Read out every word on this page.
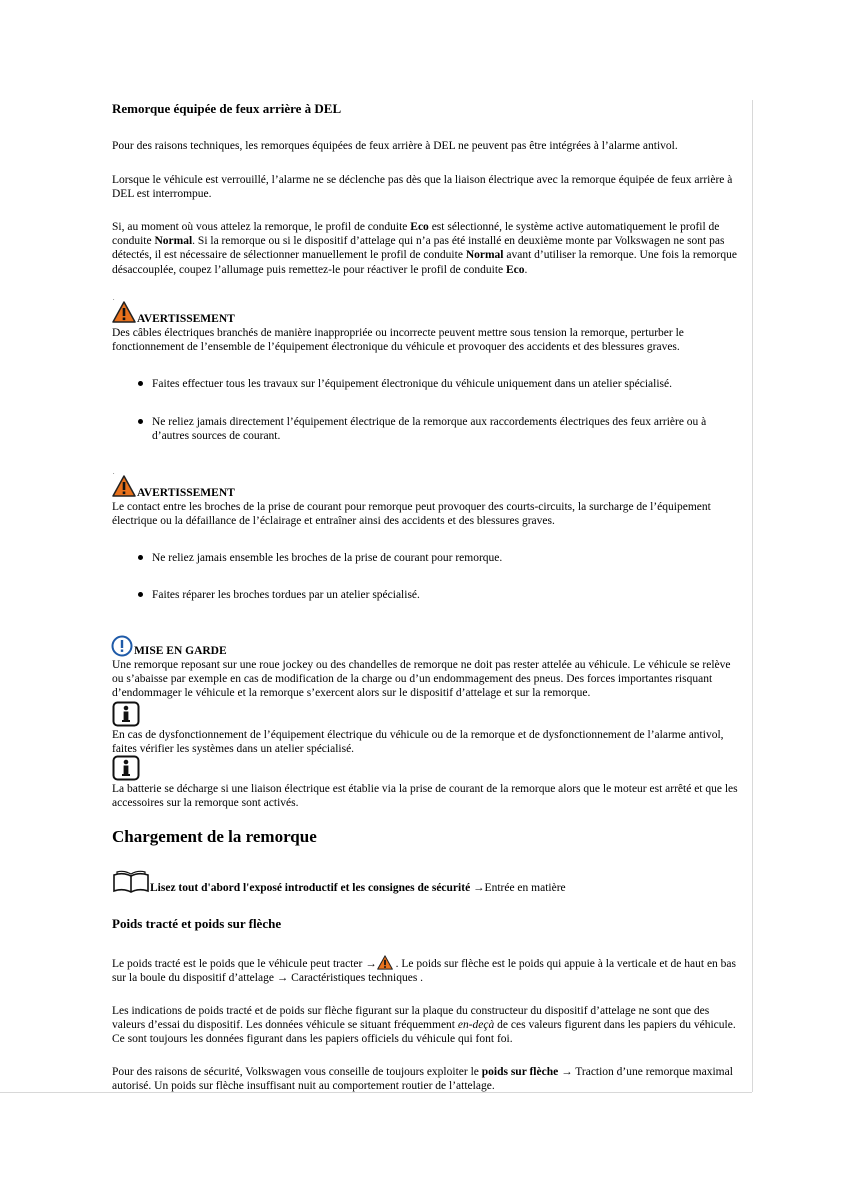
Remorque équipée de feux arrière à DEL
Pour des raisons techniques, les remorques équipées de feux arrière à DEL ne peuvent pas être intégrées à l’alarme antivol.
Lorsque le véhicule est verrouillé, l’alarme ne se déclenche pas dès que la liaison électrique avec la remorque équipée de feux arrière à DEL est interrompue.
Si, au moment où vous attelez la remorque, le profil de conduite Eco est sélectionné, le système active automatiquement le profil de conduite Normal. Si la remorque ou si le dispositif d’attelage qui n’a pas été installé en deuxième monte par Volkswagen ne sont pas détectés, il est nécessaire de sélectionner manuellement le profil de conduite Normal avant d’utiliser la remorque. Une fois la remorque désaccouplée, coupez l’allumage puis remettez-le pour réactiver le profil de conduite Eco.
.
AVERTISSEMENT
Des câbles électriques branchés de manière inappropriée ou incorrecte peuvent mettre sous tension la remorque, perturber le fonctionnement de l’ensemble de l’équipement électronique du véhicule et provoquer des accidents et des blessures graves.
Faites effectuer tous les travaux sur l’équipement électronique du véhicule uniquement dans un atelier spécialisé.
Ne reliez jamais directement l’équipement électrique de la remorque aux raccordements électriques des feux arrière ou à d’autres sources de courant.
.
AVERTISSEMENT
Le contact entre les broches de la prise de courant pour remorque peut provoquer des courts-circuits, la surcharge de l’équipement électrique ou la défaillance de l’éclairage et entraîner ainsi des accidents et des blessures graves.
Ne reliez jamais ensemble les broches de la prise de courant pour remorque.
Faites réparer les broches tordues par un atelier spécialisé.
MISE EN GARDE
Une remorque reposant sur une roue jockey ou des chandelles de remorque ne doit pas rester attelée au véhicule. Le véhicule se relève ou s’abaisse par exemple en cas de modification de la charge ou d’un endommagement des pneus. Des forces importantes risquant d’endommager le véhicule et la remorque s’exercent alors sur le dispositif d’attelage et sur la remorque.
En cas de dysfonctionnement de l’équipement électrique du véhicule ou de la remorque et de dysfonctionnement de l’alarme antivol, faites vérifier les systèmes dans un atelier spécialisé.
La batterie se décharge si une liaison électrique est établie via la prise de courant de la remorque alors que le moteur est arrêté et que les accessoires sur la remorque sont activés.
Chargement de la remorque
Lisez tout d'abord l'exposé introductif et les consignes de sécurité →Entrée en matière
Poids tracté et poids sur flèche
Le poids tracté est le poids que le véhicule peut tracter → . Le poids sur flèche est le poids qui appuie à la verticale et de haut en bas sur la boule du dispositif d’attelage → Caractéristiques techniques .
Les indications de poids tracté et de poids sur flèche figurant sur la plaque du constructeur du dispositif d’attelage ne sont que des valeurs d’essai du dispositif. Les données véhicule se situant fréquemment en-deçà de ces valeurs figurent dans les papiers du véhicule. Ce sont toujours les données figurant dans les papiers officiels du véhicule qui font foi.
Pour des raisons de sécurité, Volkswagen vous conseille de toujours exploiter le poids sur flèche → Traction d’une remorque maximal autorisé. Un poids sur flèche insuffisant nuit au comportement routier de l’attelage.
